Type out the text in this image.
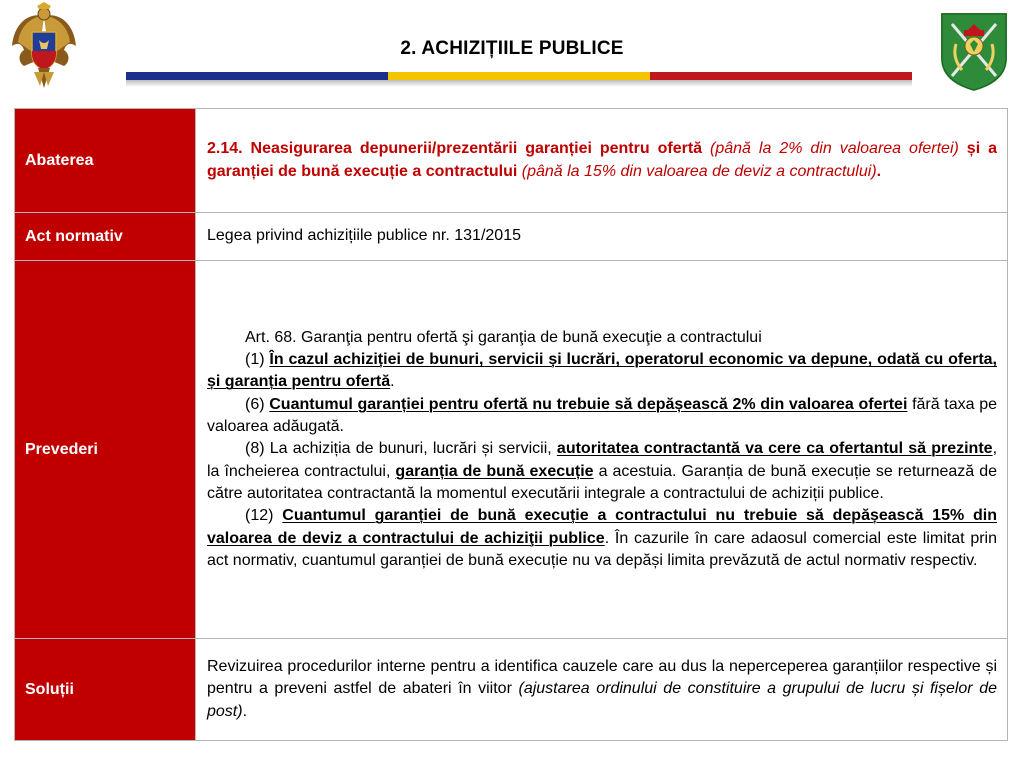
2. ACHIZIȚIILE PUBLICE
Abaterea	2.14. Neasigurarea depunerii/prezentării garanției pentru ofertă (până la 2% din valoarea ofertei) și a garanției de bună execuție a contractului (până la 15% din valoarea de deviz a contractului).
Act normativ	Legea privind achizițiile publice nr. 131/2015
Prevederi	Art. 68. Garanţia pentru ofertă şi garanţia de bună execuţie a contractului
(1) În cazul achiziției de bunuri, servicii și lucrări, operatorul economic va depune, odată cu oferta, și garanția pentru ofertă.
(6) Cuantumul garanției pentru ofertă nu trebuie să depășească 2% din valoarea ofertei fără taxa pe valoarea adăugată.
(8) La achiziția de bunuri, lucrări și servicii, autoritatea contractantă va cere ca ofertantul să prezinte, la încheierea contractului, garanția de bună execuție a acestuia. Garanția de bună execuție se returnează de către autoritatea contractantă la momentul executării integrale a contractului de achiziții publice.
(12) Cuantumul garanției de bună execuție a contractului nu trebuie să depășească 15% din valoarea de deviz a contractului de achiziţii publice. În cazurile în care adaosul comercial este limitat prin act normativ, cuantumul garanției de bună execuție nu va depăși limita prevăzută de actul normativ respectiv.

Soluții	Revizuirea procedurilor interne pentru a identifica cauzele care au dus la neperceperea garanțiilor respective și pentru a preveni astfel de abateri în viitor (ajustarea ordinului de constituire a grupului de lucru și fișelor de post).
